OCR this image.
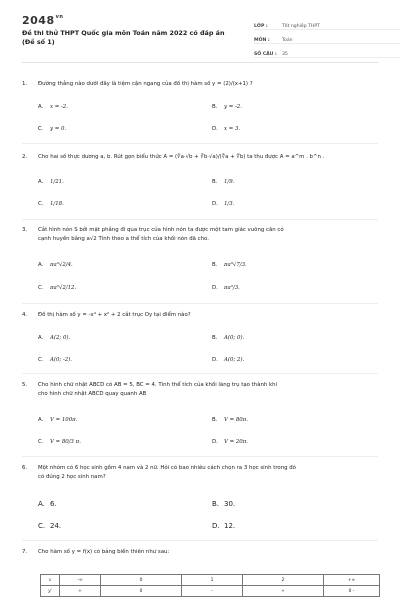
$2048^{vn}$
Đề thi thử THPT Quốc gia môn Toán năm 2022 có đáp án
(Đề số 1)
LỚP :	Tốt nghiệp THPT
MÔN :	Toán
SỐ CÂU :	35
1.	Đường thẳng nào dưới đây là tiệm cận ngang của đồ thị hàm số y = (2)/(x+1) ?
A. x = -2.	B. y = -2.
C. y = 0.	D. x = 3.
2.	Cho hai số thực dương a, b. Rút gọn biểu thức A = (∛a·√b + ∛b·√a)/(∜a + ∜b) ta thu được A = a^m . b^n .
A. 1/21.	B. 1/9.
C. 1/18.	D. 1/3.
3.	Cắt hình nón S bởi mặt phẳng đi qua trục của hình nón ta được một tam giác vuông cân có
cạnh huyền bằng a√2 Tính theo a thể tích của khối nón đã cho.
A. πa³√2/4.	B. πa³√7/3.
C. πa³√2/12.	D. πa³/3.
4.	Đồ thị hàm số y = -x⁴ + x² + 2 cắt trục Oy tại điểm nào?
A. A(2; 0).	B. A(0; 0).
C. A(0; -2).	D. A(0; 2).
5.	Cho hình chữ nhật ABCD có AB = 5, BC = 4. Tính thể tích của khối lăng trụ tạo thành khi
cho hình chữ nhật ABCD quay quanh AB
A. V = 100π.	B. V = 80π.
C. V = 80/3 π.	D. V = 20π.
6.	Một nhóm có 6 học sinh gồm 4 nam và 2 nữ. Hỏi có bao nhiêu cách chọn ra 3 học sinh trong đó
có đúng 2 học sinh nam?
A. 6.	B. 30.
C. 24.	D. 12.
7.	Cho hàm số y = f(x) có bảng biến thiên như sau:
x	-∞	0	1	2	+∞
y'	+	0	-	+	0 -
